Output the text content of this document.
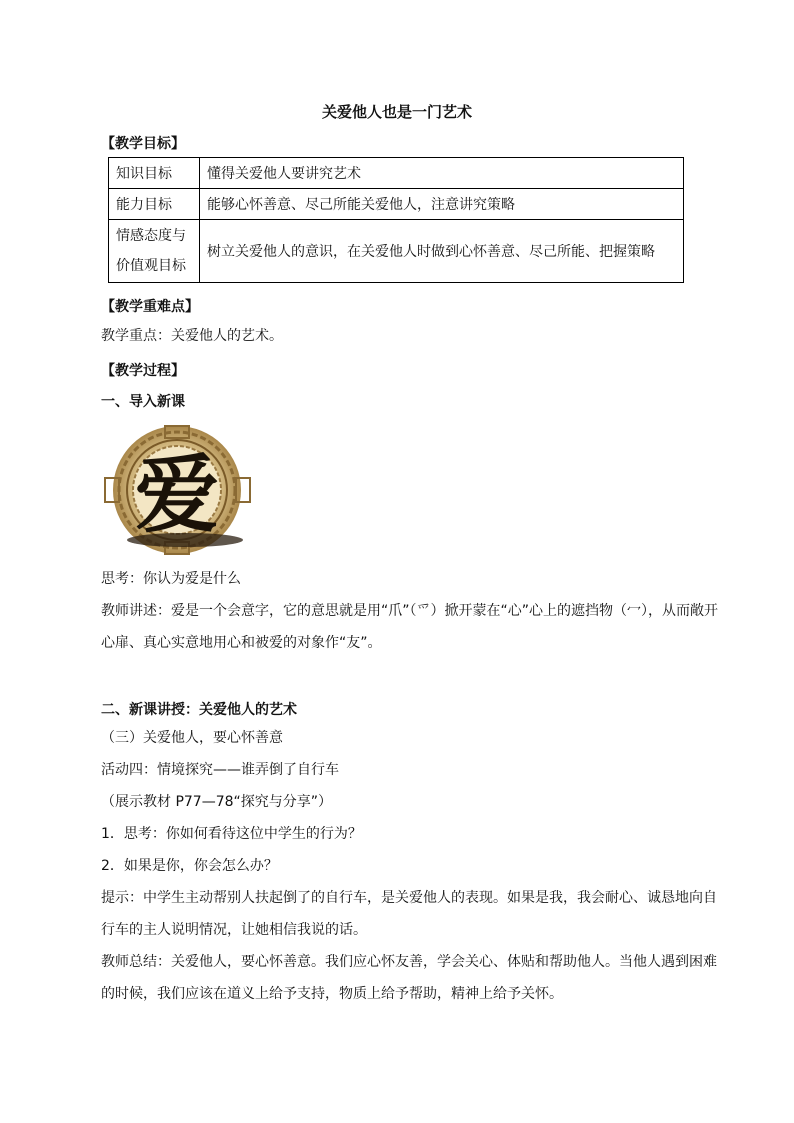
关爱他人也是一门艺术
【教学目标】
知识目标	懂得关爱他人要讲究艺术
能力目标	能够心怀善意、尽己所能关爱他人，注意讲究策略

情感态度与
价值观目标	树立关爱他人的意识，在关爱他人时做到心怀善意、尽己所能、把握策略
【教学重难点】
教学重点：关爱他人的艺术。
【教学过程】
一、导入新课
爱
思考：你认为爱是什么
教师讲述：爱是一个会意字，它的意思就是用“爪”（爫）掀开蒙在“心”心上的遮挡物（冖），从而敞开心扉、真心实意地用心和被爱的对象作“友”。
二、新课讲授：关爱他人的艺术
（三）关爱他人，要心怀善意
活动四：情境探究——谁弄倒了自行车
（展示教材 P77—78“探究与分享”）
1．思考：你如何看待这位中学生的行为？
2．如果是你，你会怎么办？
提示：中学生主动帮别人扶起倒了的自行车，是关爱他人的表现。如果是我，我会耐心、诚恳地向自行车的主人说明情况，让她相信我说的话。
教师总结：关爱他人，要心怀善意。我们应心怀友善，学会关心、体贴和帮助他人。当他人遇到困难的时候，我们应该在道义上给予支持，物质上给予帮助，精神上给予关怀。
